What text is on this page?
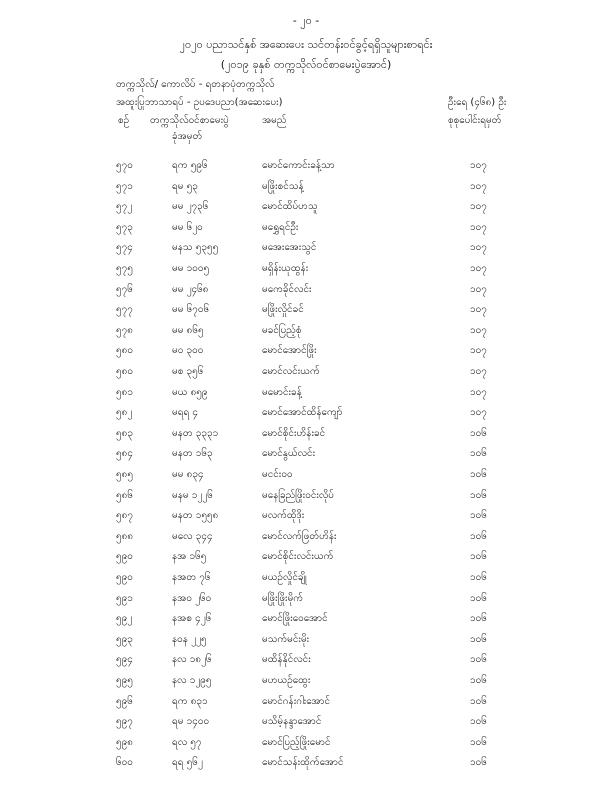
- ၂၀ -
၂၀၂၀ ပညာသင်နှစ် အဆေးပေး သင်တန်းဝင်ခွင့်ရရှိသူများစာရင်း
(၂၀၁၉ ခုနှစ် တက္ကသိုလ်ဝင်စာမေးပွဲအောင်)
တက္ကသိုလ်/ ကောလိပ် - ရတနာပုံတက္ကသိုလ်
အထူးပြုဘာသာရပ် - ဥပဒေပညာ(အဆေးပေး)	ဦးရေ (၄၆၈) ဦး
စဉ် တက္ကသိုလ်ဝင်စာမေးပွဲ
ခုံအမှတ်
အမည်	စုစုပေါင်းရမှတ်
၅၇၀	ရက ၅၉၆	မောင်ကောင်းခန့်သာ	၁၀၇
၅၇၁	ရမ ၅၃	မဖြိုးစင်သန့်	၁၀၇
၅၇၂	မမ ၂၇၃၆	မောင်ထိပ်ဟသူ	၁၀၇
၅၇၃	မမ ၆၂၀	မရွှေရင်ဦး	၁၀၇
၅၇၄	မနသ ၅၃၅၅	မအေးအေးသွင်	၁၀၇
၅၇၅	မမ ၁၀၀၅	မရှိန်းယုထွန်း	၁၀၇
၅၇၆	မမ ၂၄၆၈	မကေခိုင်လင်း	၁၀၇
၅၇၇	မမ ၆၇၀၆	မဖြိုးလှိုင်ခင်	၁၀၇
၅၇၈	မမ ၈၆၅	မခင်ပြည့်စုံ	၁၀၇
၅၈၀	မဝ ၃၀၀	မောင်အောင်ဖြိုး	၁၀၇
၅၈၀	မစ ၃၅၆	မောင်လင်းယက်	၁၀၇
၅၈၁	မယ ၈၅၉	မမောင်းခန့်	၁၀၇
၅၈၂	မရရ ၄	မောင်အောင်ထိန်ကျော်	၁၀၇
၅၈၃	မနတ ၃၃၃၁	မောင်စိုင်းဟိန်းခင်	၁၀၆
၅၈၄	မနတ ၁၆၃	မောင်နွယ်လင်း	၁၀၆
၅၈၅	မမ ၈၃၄	မငင်းဝဝ	၁၀၆
၅၈၆	မနမ ၁၂၂၆	မနေခြည်ဖြိုးဝင်းလိုပ်	၁၀၆
၅၈၇	မနတ ၁၅၅၈	မလက်ထိုဒိုး	၁၀၆
၅၈၈	မလေ ၃၄၄	မောင်လက်ဖြတ်ဟိန်း	၁၀၆
၅၉၀	နအ ၁၆၅	မောင်စိုင်းလင်းယက်	၁၀၆
၅၉၀	နအတ ၇၆	မယဉ်လှိုင်ချို	၁၀၆
၅၉၁	နအဝ ၂၆၀	မဖြိုးဖြိုးမိုက်	၁၀၆
၅၉၂	နအစ ၄၂၆	မောင်ဖြိုးဝေအောင်	၁၀၆
၅၉၃	နဝန ၂၂၅	မသက်မင်းမိုး	၁၀၆
၅၉၄	နလ ၁၈၂၆	မထိန်နိုင်လင်း	၁၀၆
၅၉၅	နလ ၁၂၉၅	မဟယဉ်ထွေး	၁၀၆
၅၉၆	ရက ၈၃၁	မောင်ဂန်းဂါးအောင်	၁၀၆
၅၉၇	ရမ ၁၄၀၀	မသိမ့်နန္ဒာအောင်	၁၀၆
၅၉၈	ရလ ၅၇	မောင်ပြည့်ဖြိုးမောင်	၁၀၆
၆၀၀	ရရ ၅၆၂	မောင်သန်းထိုက်အောင်	၁၀၆
